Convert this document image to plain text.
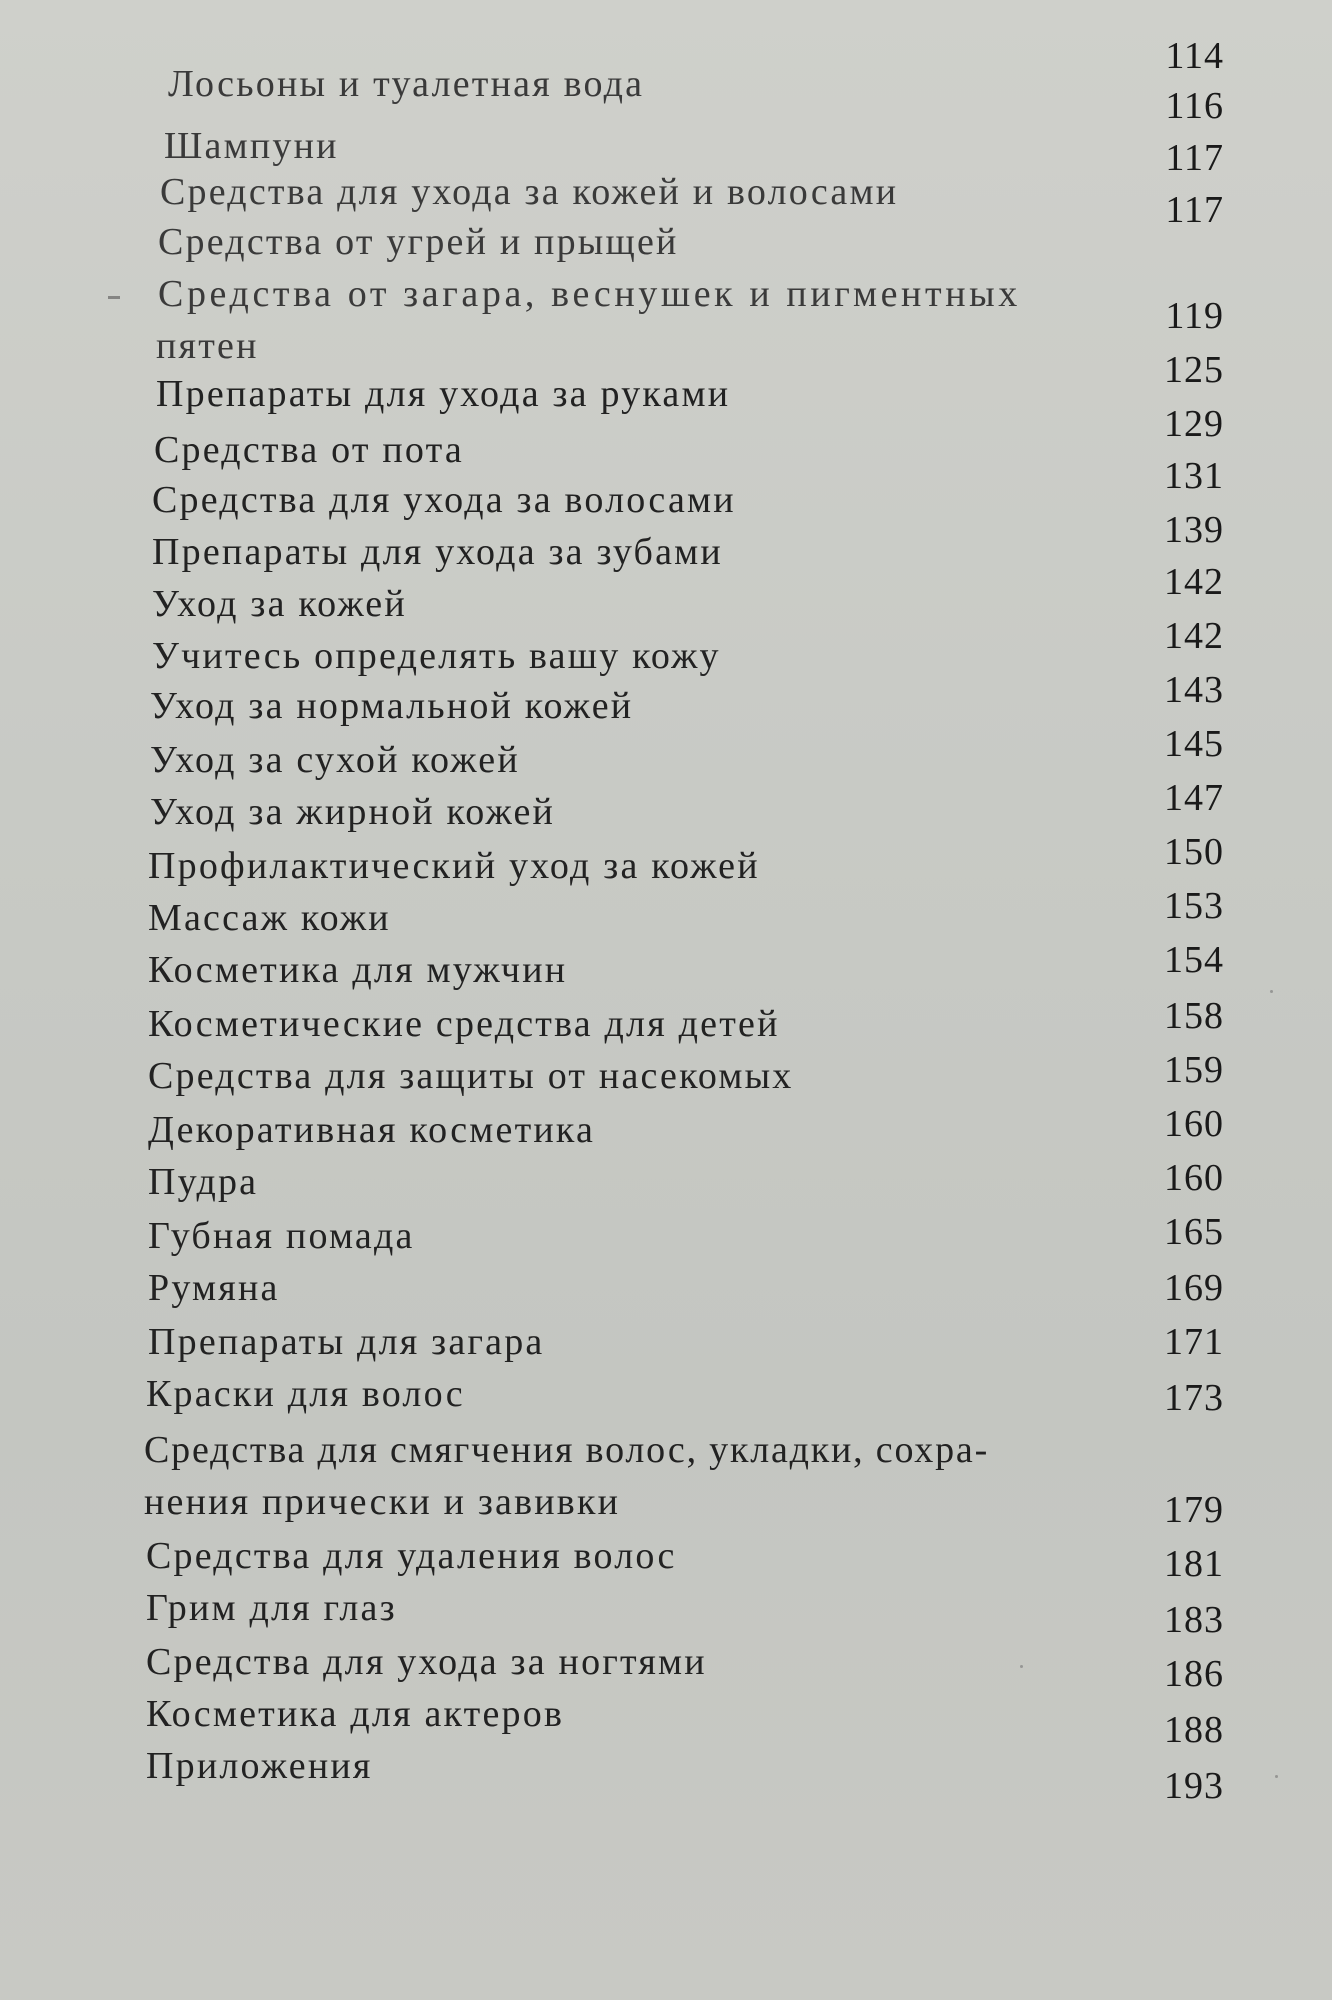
114
116
117
117
119
125
129
131
139
142
142
143
145
147
150
153
154
158
159
160
160
165
169
171
173
179
181
183
186
188
193
Лосьоны и туалетная вода
Шампуни
Средства для ухода за кожей и волосами
Средства от угрей и прыщей
Средства от загара, веснушек и пигментных
пятен
Препараты для ухода за руками
Средства от пота
Средства для ухода за волосами
Препараты для ухода за зубами
Уход за кожей
Учитесь определять вашу кожу
Уход за нормальной кожей
Уход за сухой кожей
Уход за жирной кожей
Профилактический уход за кожей
Массаж кожи
Косметика для мужчин
Косметические средства для детей
Средства для защиты от насекомых
Декоративная косметика
Пудра
Губная помада
Румяна
Препараты для загара
Краски для волос
Средства для смягчения волос, укладки, сохра-
нения прически и завивки
Средства для удаления волос
Грим для глаз
Средства для ухода за ногтями
Косметика для актеров
Приложения
